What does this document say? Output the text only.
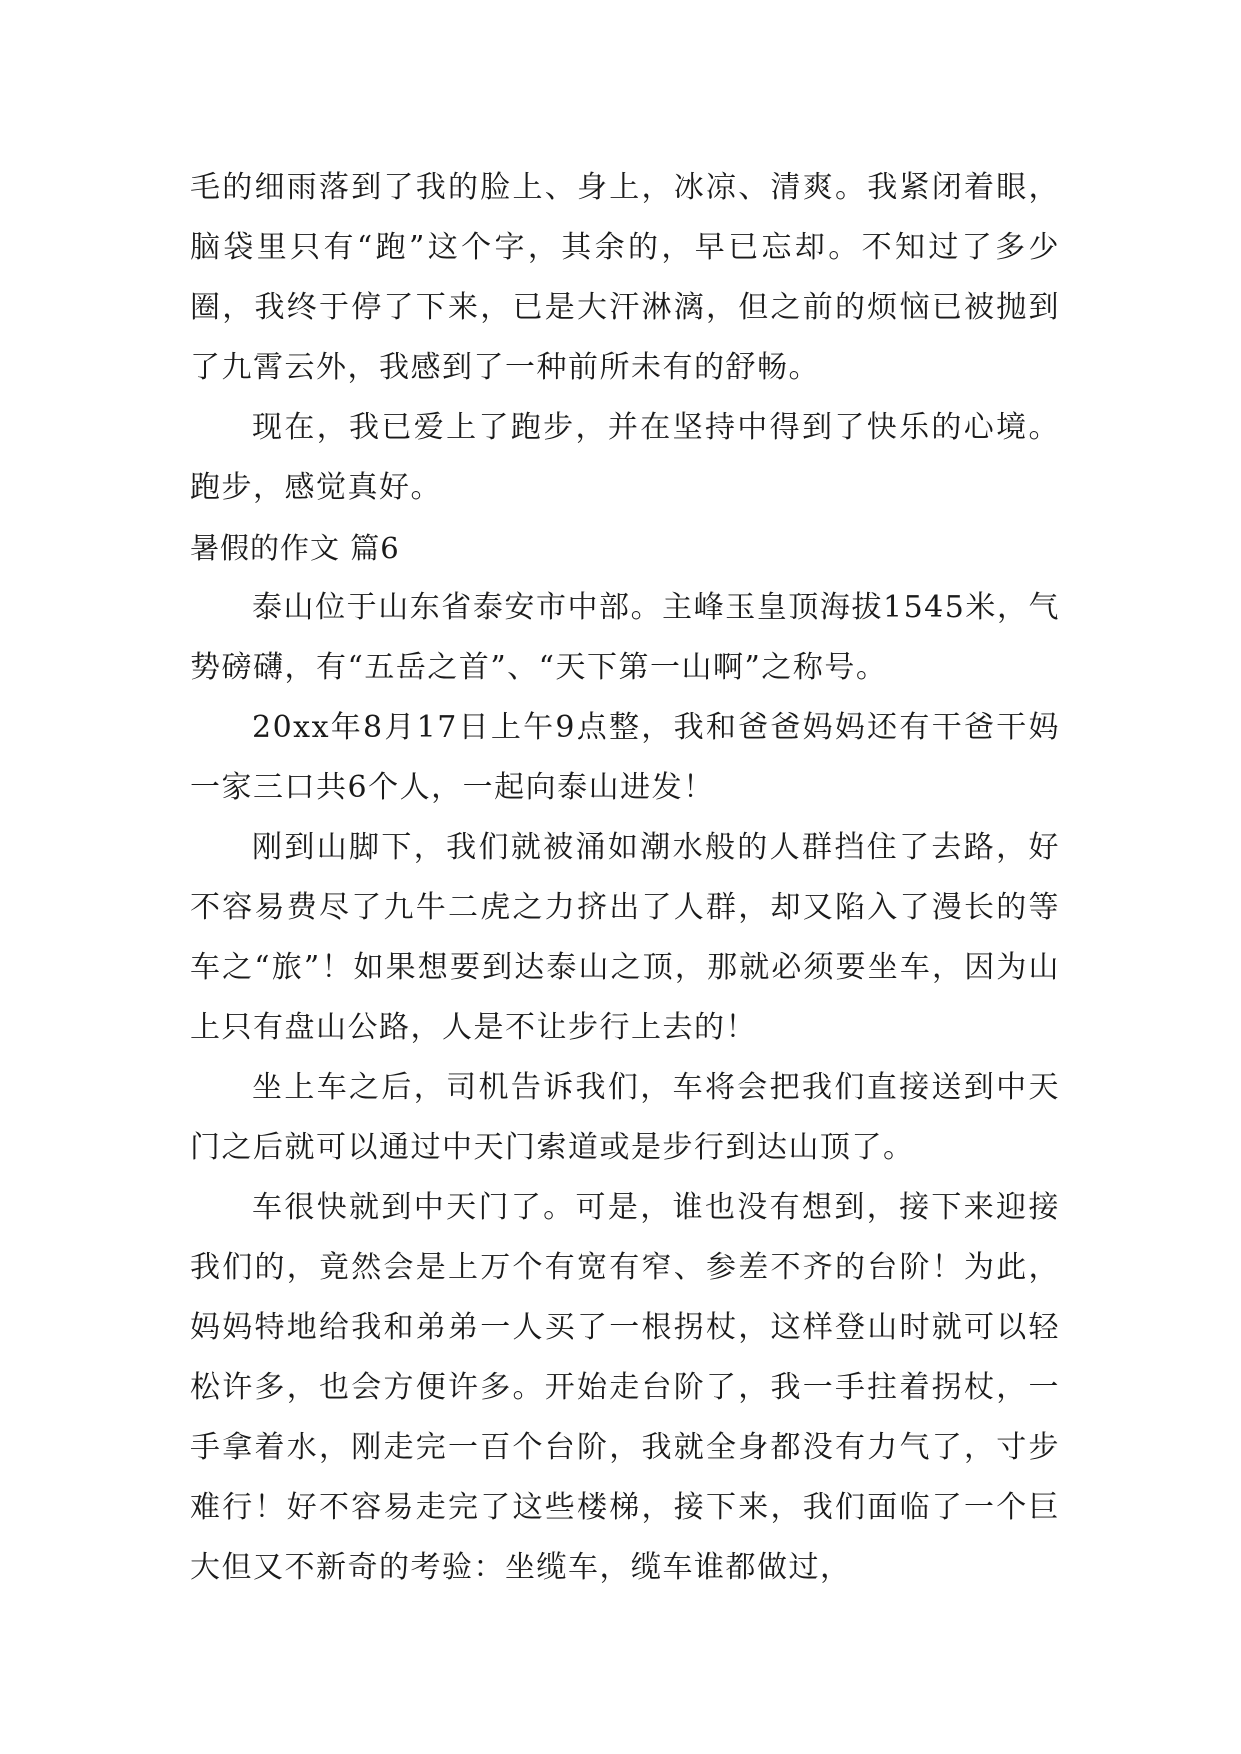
毛的细雨落到了我的脸上、身上，冰凉、清爽。我紧闭着眼，脑袋里只有“跑”这个字，其余的，早已忘却。不知过了多少圈，我终于停了下来，已是大汗淋漓，但之前的烦恼已被抛到了九霄云外，我感到了一种前所未有的舒畅。

现在，我已爱上了跑步，并在坚持中得到了快乐的心境。跑步，感觉真好。

暑假的作文 篇6

泰山位于山东省泰安市中部。主峰玉皇顶海拔1545米，气势磅礴，有“五岳之首”、“天下第一山啊”之称号。

20xx年8月17日上午9点整，我和爸爸妈妈还有干爸干妈一家三口共6个人，一起向泰山进发！

刚到山脚下，我们就被涌如潮水般的人群挡住了去路，好不容易费尽了九牛二虎之力挤出了人群，却又陷入了漫长的等车之“旅”！如果想要到达泰山之顶，那就必须要坐车，因为山上只有盘山公路，人是不让步行上去的！

坐上车之后，司机告诉我们，车将会把我们直接送到中天门之后就可以通过中天门索道或是步行到达山顶了。

车很快就到中天门了。可是，谁也没有想到，接下来迎接我们的，竟然会是上万个有宽有窄、参差不齐的台阶！为此，妈妈特地给我和弟弟一人买了一根拐杖，这样登山时就可以轻松许多，也会方便许多。开始走台阶了，我一手拄着拐杖，一手拿着水，刚走完一百个台阶，我就全身都没有力气了，寸步难行！好不容易走完了这些楼梯，接下来，我们面临了一个巨大但又不新奇的考验：坐缆车，缆车谁都做过，
